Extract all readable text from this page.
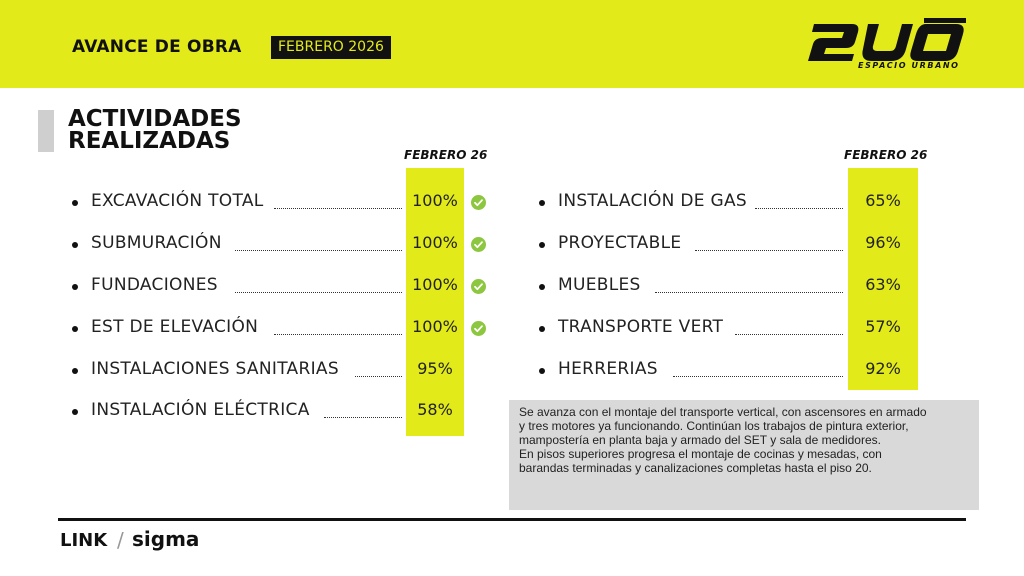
AVANCE DE OBRA	FEBRERO 2026
ESPACIO URBANO
ACTIVIDADES
REALIZADAS
FEBRERO 26	FEBRERO 26
EXCAVACIÓN TOTAL	100%
SUBMURACIÓN	100%
FUNDACIONES	100%
EST DE ELEVACIÓN	100%
INSTALACIONES SANITARIAS	95%
INSTALACIÓN ELÉCTRICA	58%
INSTALACIÓN DE GAS	65%
PROYECTABLE	96%
MUEBLES	63%
TRANSPORTE VERT	57%
HERRERIAS	92%

Se avanza con el montaje del transporte vertical, con ascensores en armado

y tres motores ya funcionando. Continúan los trabajos de pintura exterior,

mampostería en planta baja y armado del SET y sala de medidores.

En pisos superiores progresa el montaje de cocinas y mesadas, con

barandas terminadas y canalizaciones completas hasta el piso 20.

LINK / sigma
